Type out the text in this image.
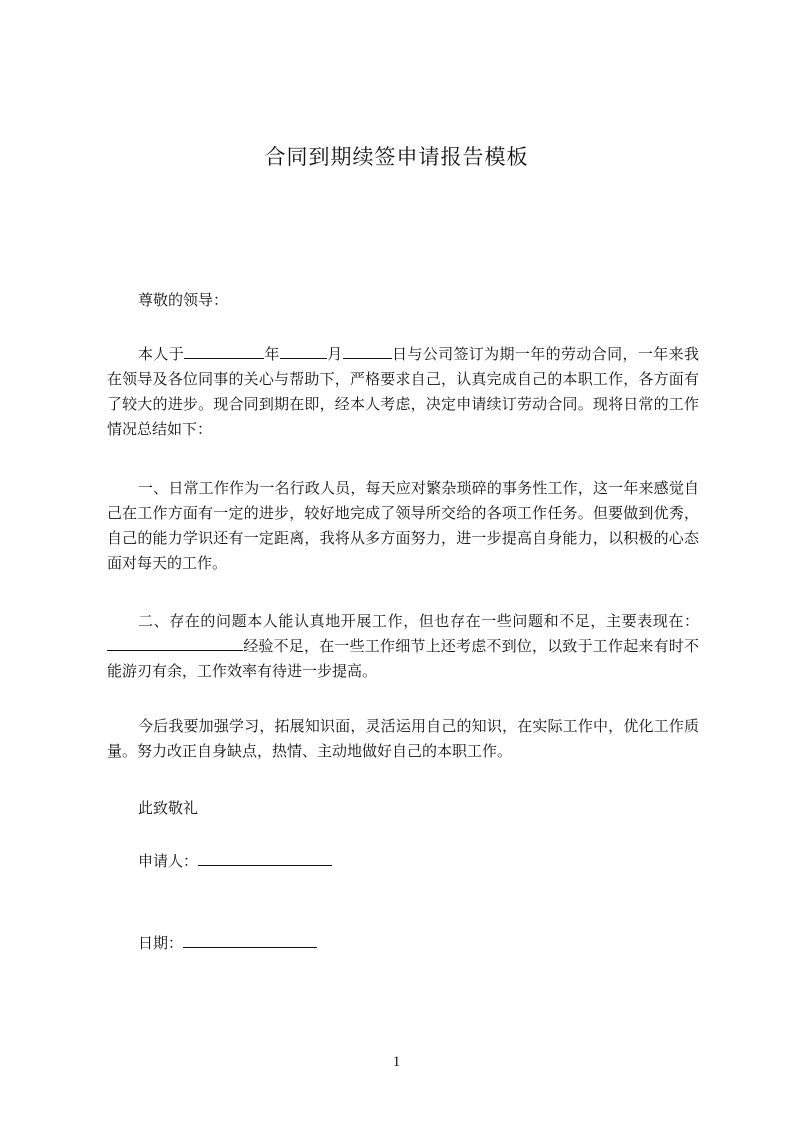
合同到期续签申请报告模板

尊敬的领导：

本人于	年	月	日与公司签订为期一年的劳动合同，一年来我在领导及各位同事的关心与帮助下，严格要求自己，认真完成自己的本职工作，各方面有了较大的进步。现合同到期在即，经本人考虑，决定申请续订劳动合同。现将日常的工作情况总结如下：

一、日常工作作为一名行政人员，每天应对繁杂琐碎的事务性工作，这一年来感觉自己在工作方面有一定的进步，较好地完成了领导所交给的各项工作任务。但要做到优秀，自己的能力学识还有一定距离，我将从多方面努力，进一步提高自身能力，以积极的心态面对每天的工作。

二、存在的问题本人能认真地开展工作，但也存在一些问题和不足，主要表现在：经验不足，在一些工作细节上还考虑不到位，以致于工作起来有时不能游刃有余，工作效率有待进一步提高。

今后我要加强学习，拓展知识面，灵活运用自己的知识，在实际工作中，优化工作质量。努力改正自身缺点，热情、主动地做好自己的本职工作。

此致敬礼
申请人：
日期：
1
